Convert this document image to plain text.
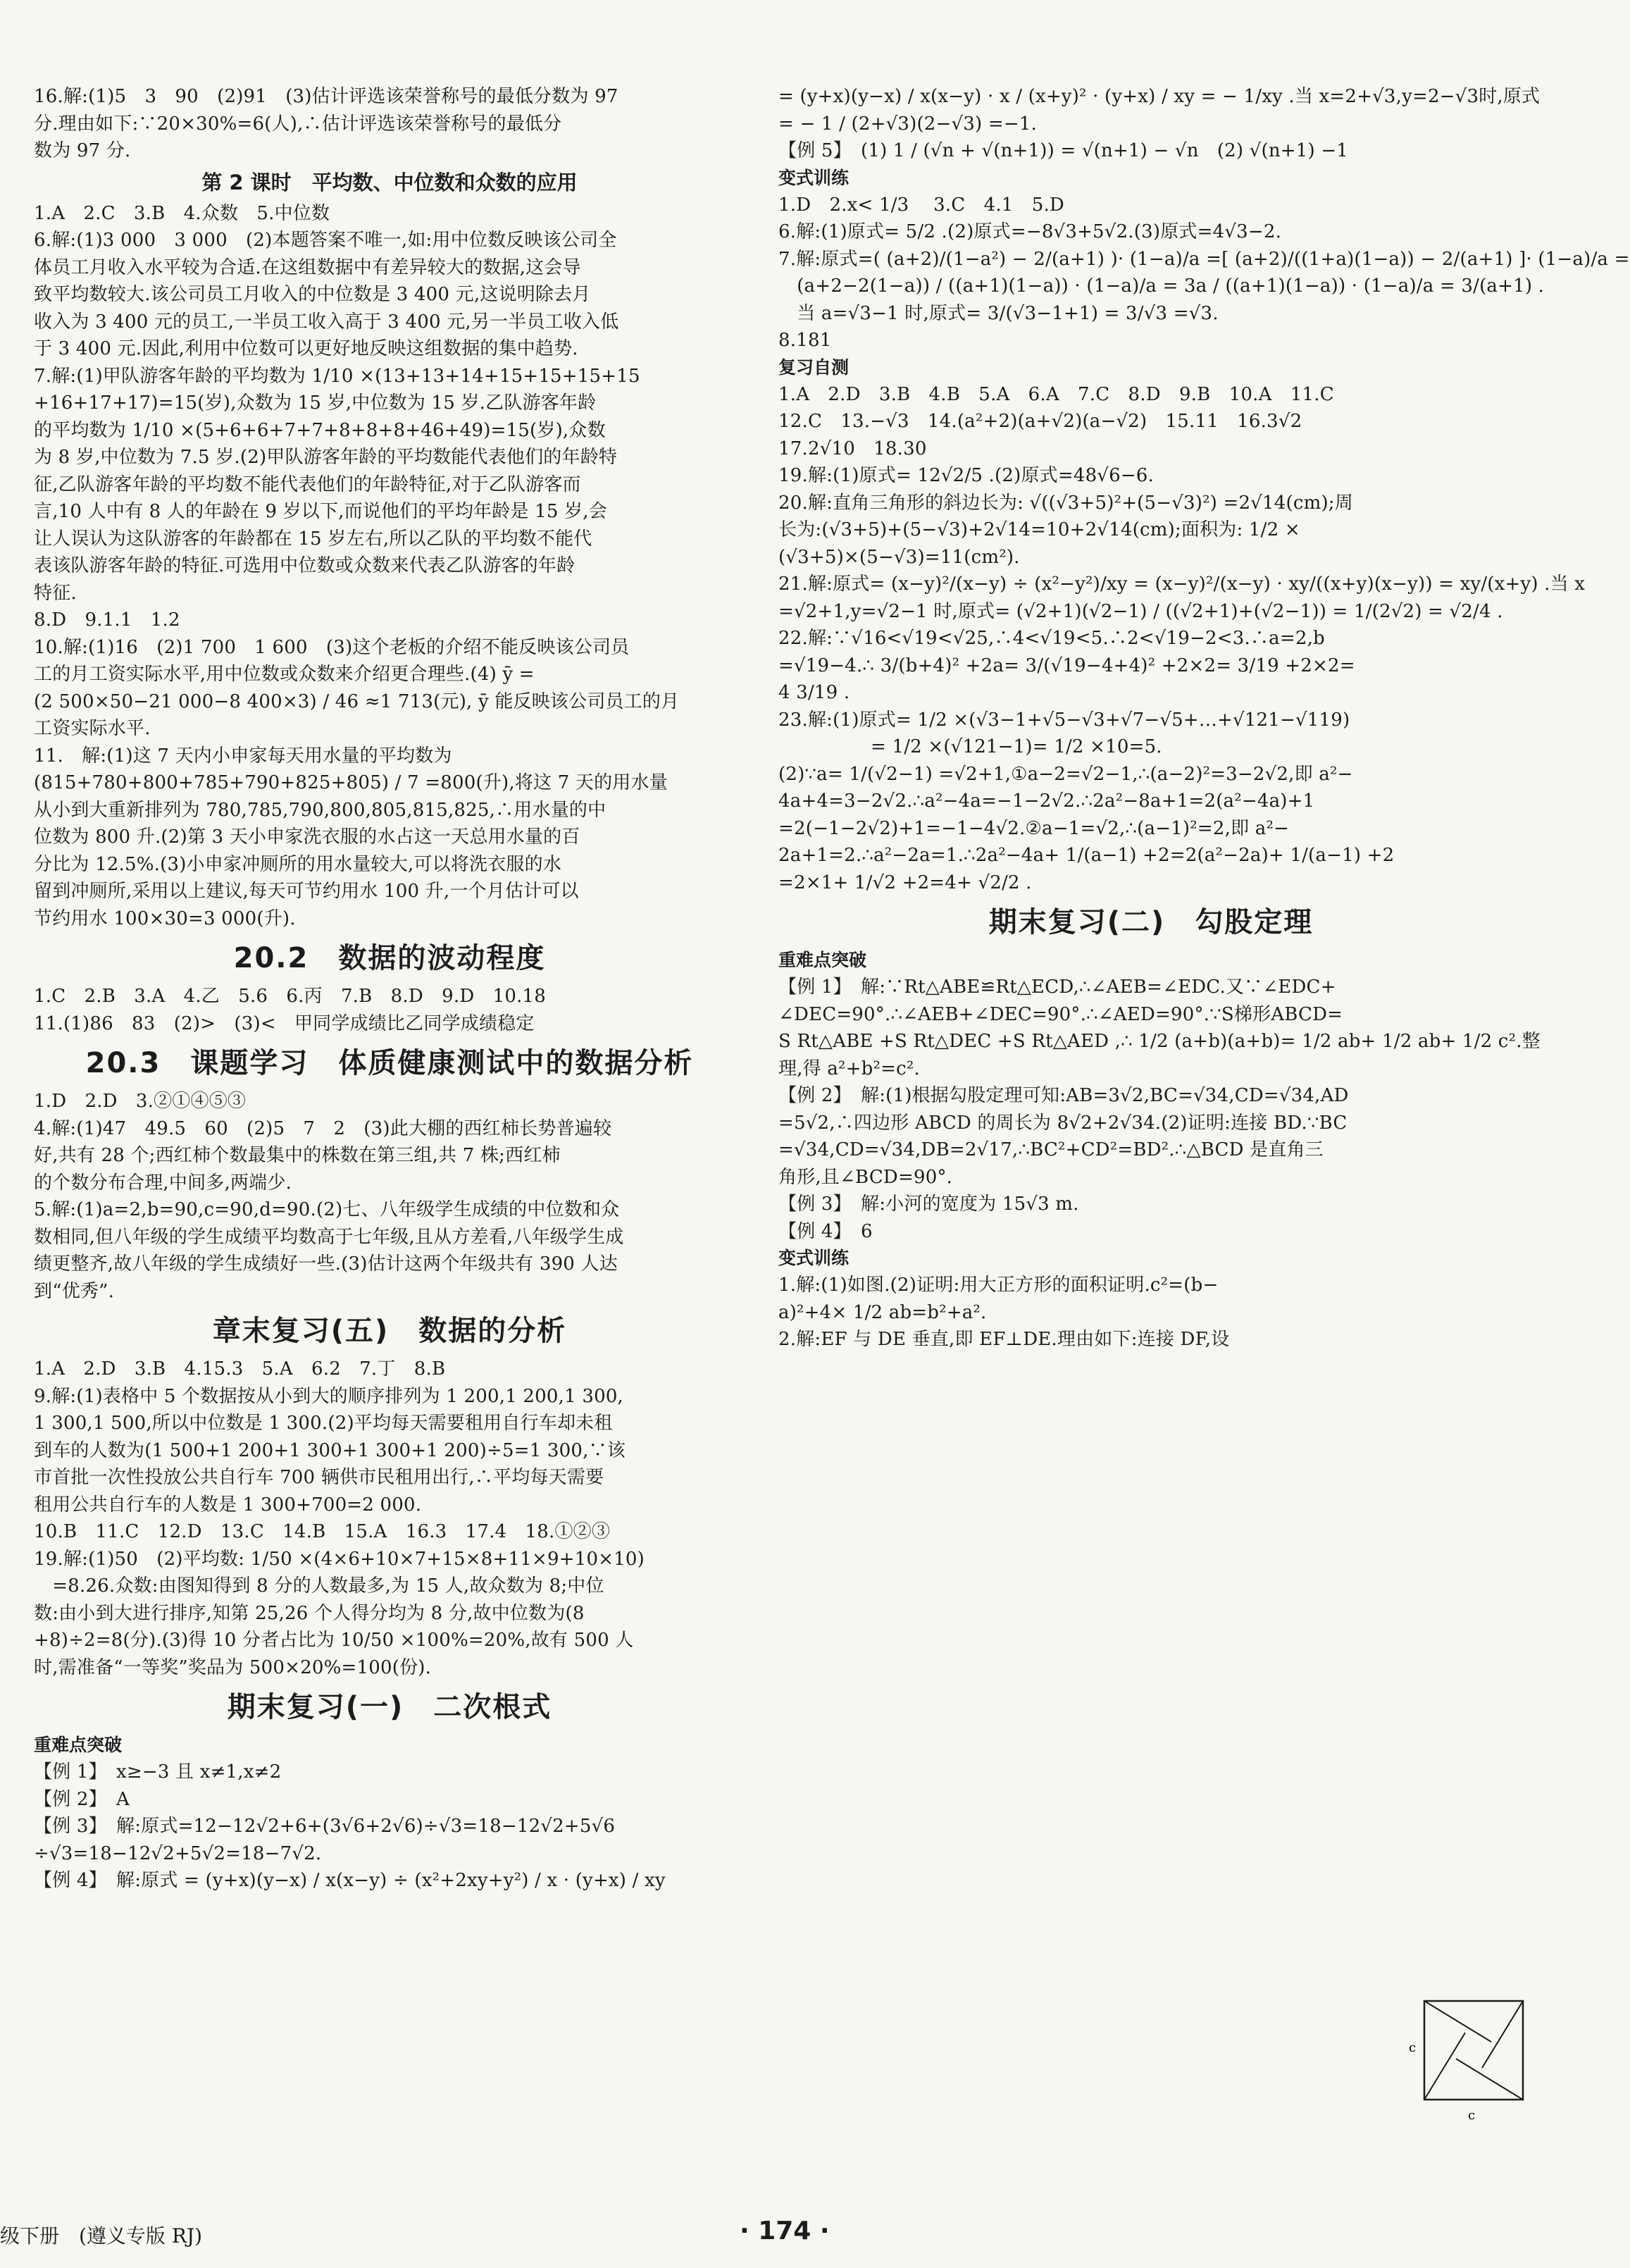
16.解:(1)5　3　90　(2)91　(3)估计评选该荣誉称号的最低分数为 97
分.理由如下:∵20×30%=6(人),∴估计评选该荣誉称号的最低分
数为 97 分.
第 2 课时　平均数、中位数和众数的应用
1.A　2.C　3.B　4.众数　5.中位数
6.解:(1)3 000　3 000　(2)本题答案不唯一,如:用中位数反映该公司全
体员工月收入水平较为合适.在这组数据中有差异较大的数据,这会导
致平均数较大.该公司员工月收入的中位数是 3 400 元,这说明除去月
收入为 3 400 元的员工,一半员工收入高于 3 400 元,另一半员工收入低
于 3 400 元.因此,利用中位数可以更好地反映这组数据的集中趋势.
7.解:(1)甲队游客年龄的平均数为 1/10 ×(13+13+14+15+15+15+15
+16+17+17)=15(岁),众数为 15 岁,中位数为 15 岁.乙队游客年龄
的平均数为 1/10 ×(5+6+6+7+7+8+8+8+46+49)=15(岁),众数
为 8 岁,中位数为 7.5 岁.(2)甲队游客年龄的平均数能代表他们的年龄特
征,乙队游客年龄的平均数不能代表他们的年龄特征,对于乙队游客而
言,10 人中有 8 人的年龄在 9 岁以下,而说他们的平均年龄是 15 岁,会
让人误认为这队游客的年龄都在 15 岁左右,所以乙队的平均数不能代
表该队游客年龄的特征.可选用中位数或众数来代表乙队游客的年龄
特征.
8.D　9.1.1　1.2
10.解:(1)16　(2)1 700　1 600　(3)这个老板的介绍不能反映该公司员
工的月工资实际水平,用中位数或众数来介绍更合理些.(4) ȳ =
(2 500×50−21 000−8 400×3) / 46 ≈1 713(元), ȳ 能反映该公司员工的月
工资实际水平.
11.　解:(1)这 7 天内小申家每天用水量的平均数为
(815+780+800+785+790+825+805) / 7 =800(升),将这 7 天的用水量
从小到大重新排列为 780,785,790,800,805,815,825,∴用水量的中
位数为 800 升.(2)第 3 天小申家洗衣服的水占这一天总用水量的百
分比为 12.5%.(3)小申家冲厕所的用水量较大,可以将洗衣服的水
留到冲厕所,采用以上建议,每天可节约用水 100 升,一个月估计可以
节约用水 100×30=3 000(升).
20.2　数据的波动程度
1.C　2.B　3.A　4.乙　5.6　6.丙　7.B　8.D　9.D　10.18
11.(1)86　83　(2)>　(3)<　甲同学成绩比乙同学成绩稳定
20.3　课题学习　体质健康测试中的数据分析
1.D　2.D　3.②①④⑤③
4.解:(1)47　49.5　60　(2)5　7　2　(3)此大棚的西红柿长势普遍较
好,共有 28 个;西红柿个数最集中的株数在第三组,共 7 株;西红柿
的个数分布合理,中间多,两端少.
5.解:(1)a=2,b=90,c=90,d=90.(2)七、八年级学生成绩的中位数和众
数相同,但八年级的学生成绩平均数高于七年级,且从方差看,八年级学生成
绩更整齐,故八年级的学生成绩好一些.(3)估计这两个年级共有 390 人达
到“优秀”.
章末复习(五)　数据的分析
1.A　2.D　3.B　4.15.3　5.A　6.2　7.丁　8.B
9.解:(1)表格中 5 个数据按从小到大的顺序排列为 1 200,1 200,1 300,
1 300,1 500,所以中位数是 1 300.(2)平均每天需要租用自行车却未租
到车的人数为(1 500+1 200+1 300+1 300+1 200)÷5=1 300,∵该
市首批一次性投放公共自行车 700 辆供市民租用出行,∴平均每天需要
租用公共自行车的人数是 1 300+700=2 000.
10.B　11.C　12.D　13.C　14.B　15.A　16.3　17.4　18.①②③
19.解:(1)50　(2)平均数: 1/50 ×(4×6+10×7+15×8+11×9+10×10)
　=8.26.众数:由图知得到 8 分的人数最多,为 15 人,故众数为 8;中位
数:由小到大进行排序,知第 25,26 个人得分均为 8 分,故中位数为(8
+8)÷2=8(分).(3)得 10 分者占比为 10/50 ×100%=20%,故有 500 人
时,需准备“一等奖”奖品为 500×20%=100(份).
期末复习(一)　二次根式
重难点突破
【例 1】　x≥−3 且 x≠1,x≠2
【例 2】　A
【例 3】　解:原式=12−12√2+6+(3√6+2√6)÷√3=18−12√2+5√6
÷√3=18−12√2+5√2=18−7√2.
【例 4】　解:原式 = (y+x)(y−x) / x(x−y) ÷ (x²+2xy+y²) / x · (y+x) / xy
= (y+x)(y−x) / x(x−y) · x / (x+y)² · (y+x) / xy = − 1/xy .当 x=2+√3,y=2−√3时,原式
= − 1 / (2+√3)(2−√3) =−1.
【例 5】　(1) 1 / (√n + √(n+1)) = √(n+1) − √n　(2) √(n+1) −1
变式训练
1.D　2.x< 1/3 　3.C　4.1　5.D
6.解:(1)原式= 5/2 .(2)原式=−8√3+5√2.(3)原式=4√3−2.
7.解:原式=( (a+2)/(1−a²) − 2/(a+1) )· (1−a)/a =[ (a+2)/((1+a)(1−a)) − 2/(a+1) ]· (1−a)/a =
　(a+2−2(1−a)) / ((a+1)(1−a)) · (1−a)/a = 3a / ((a+1)(1−a)) · (1−a)/a = 3/(a+1) .
　当 a=√3−1 时,原式= 3/(√3−1+1) = 3/√3 =√3.
8.181
复习自测
1.A　2.D　3.B　4.B　5.A　6.A　7.C　8.D　9.B　10.A　11.C
12.C　13.−√3　14.(a²+2)(a+√2)(a−√2)　15.11　16.3√2
17.2√10　18.30
19.解:(1)原式= 12√2/5 .(2)原式=48√6−6.
20.解:直角三角形的斜边长为: √((√3+5)²+(5−√3)²) =2√14(cm);周
长为:(√3+5)+(5−√3)+2√14=10+2√14(cm);面积为: 1/2 ×
(√3+5)×(5−√3)=11(cm²).
21.解:原式= (x−y)²/(x−y) ÷ (x²−y²)/xy = (x−y)²/(x−y) · xy/((x+y)(x−y)) = xy/(x+y) .当 x
=√2+1,y=√2−1 时,原式= (√2+1)(√2−1) / ((√2+1)+(√2−1)) = 1/(2√2) = √2/4 .
22.解:∵√16<√19<√25,∴4<√19<5.∴2<√19−2<3.∴a=2,b
=√19−4.∴ 3/(b+4)² +2a= 3/(√19−4+4)² +2×2= 3/19 +2×2=
4 3/19 .
23.解:(1)原式= 1/2 ×(√3−1+√5−√3+√7−√5+…+√121−√119)
　　　　　= 1/2 ×(√121−1)= 1/2 ×10=5.
(2)∵a= 1/(√2−1) =√2+1,①a−2=√2−1,∴(a−2)²=3−2√2,即 a²−
4a+4=3−2√2.∴a²−4a=−1−2√2.∴2a²−8a+1=2(a²−4a)+1
=2(−1−2√2)+1=−1−4√2.②a−1=√2,∴(a−1)²=2,即 a²−
2a+1=2.∴a²−2a=1.∴2a²−4a+ 1/(a−1) +2=2(a²−2a)+ 1/(a−1) +2
=2×1+ 1/√2 +2=4+ √2/2 .
期末复习(二)　勾股定理
重难点突破
【例 1】　解:∵Rt△ABE≌Rt△ECD,∴∠AEB=∠EDC.又∵∠EDC+
∠DEC=90°.∴∠AEB+∠DEC=90°.∴∠AED=90°.∵S梯形ABCD=
S Rt△ABE +S Rt△DEC +S Rt△AED ,∴ 1/2 (a+b)(a+b)= 1/2 ab+ 1/2 ab+ 1/2 c².整
理,得 a²+b²=c².
【例 2】　解:(1)根据勾股定理可知:AB=3√2,BC=√34,CD=√34,AD
=5√2,∴四边形 ABCD 的周长为 8√2+2√34.(2)证明:连接 BD.∵BC
=√34,CD=√34,DB=2√17,∴BC²+CD²=BD².∴△BCD 是直角三
角形,且∠BCD=90°.
【例 3】　解:小河的宽度为 15√3 m.
【例 4】　6
变式训练
1.解:(1)如图.(2)证明:用大正方形的面积证明.c²=(b−
a)²+4× 1/2 ab=b²+a².
2.解:EF 与 DE 垂直,即 EF⊥DE.理由如下:连接 DF,设
c
c
级下册　(遵义专版 RJ)	· 174 ·
